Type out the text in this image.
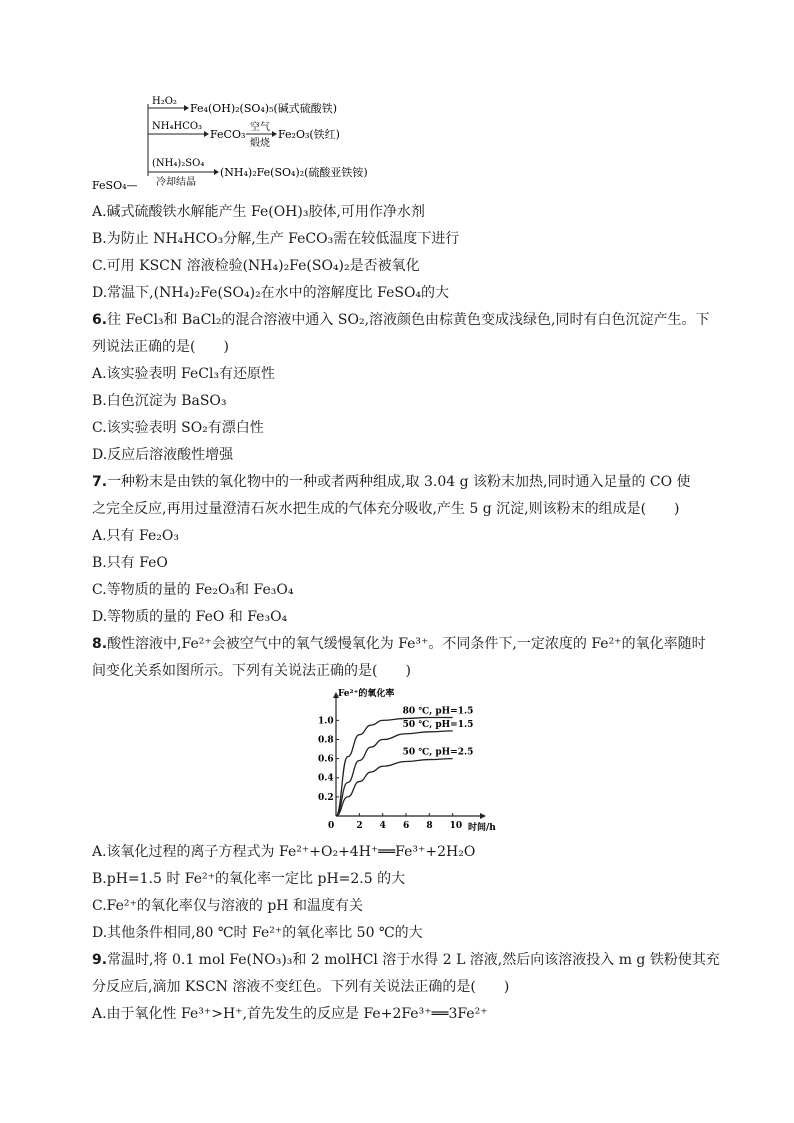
H₂O₂
Fe₄(OH)₂(SO₄)₅(碱式硫酸铁)
NH₄HCO₃
FeCO₃
空气
煅烧
Fe₂O₃(铁红)
(NH₄)₂SO₄
冷却结晶
(NH₄)₂Fe(SO₄)₂(硫酸亚铁铵)
FeSO₄—
A.碱式硫酸铁水解能产生 Fe(OH)₃胶体,可用作净水剂
B.为防止 NH₄HCO₃分解,生产 FeCO₃需在较低温度下进行
C.可用 KSCN 溶液检验(NH₄)₂Fe(SO₄)₂是否被氧化
D.常温下,(NH₄)₂Fe(SO₄)₂在水中的溶解度比 FeSO₄的大
6.往 FeCl₃和 BaCl₂的混合溶液中通入 SO₂,溶液颜色由棕黄色变成浅绿色,同时有白色沉淀产生。下
列说法正确的是(　　)
A.该实验表明 FeCl₃有还原性
B.白色沉淀为 BaSO₃
C.该实验表明 SO₂有漂白性
D.反应后溶液酸性增强
7.一种粉末是由铁的氧化物中的一种或者两种组成,取 3.04 g 该粉末加热,同时通入足量的 CO 使
之完全反应,再用过量澄清石灰水把生成的气体充分吸收,产生 5 g 沉淀,则该粉末的组成是(　　)
A.只有 Fe₂O₃
B.只有 FeO
C.等物质的量的 Fe₂O₃和 Fe₃O₄
D.等物质的量的 FeO 和 Fe₃O₄
8.酸性溶液中,Fe²⁺会被空气中的氧气缓慢氧化为 Fe³⁺。不同条件下,一定浓度的 Fe²⁺的氧化率随时
间变化关系如图所示。下列有关说法正确的是(　　)
Fe²⁺的氧化率
时间/h
0 2 4 6 8 10
0.2
0.4
0.6
0.8
1.0
80 ℃, pH=1.5
50 ℃, pH=1.5
50 ℃, pH=2.5
A.该氧化过程的离子方程式为 Fe²⁺+O₂+4H⁺══Fe³⁺+2H₂O
B.pH=1.5 时 Fe²⁺的氧化率一定比 pH=2.5 的大
C.Fe²⁺的氧化率仅与溶液的 pH 和温度有关
D.其他条件相同,80 ℃时 Fe²⁺的氧化率比 50 ℃的大
9.常温时,将 0.1 mol Fe(NO₃)₃和 2 molHCl 溶于水得 2 L 溶液,然后向该溶液投入 m g 铁粉使其充
分反应后,滴加 KSCN 溶液不变红色。下列有关说法正确的是(　　)
A.由于氧化性 Fe³⁺>H⁺,首先发生的反应是 Fe+2Fe³⁺══3Fe²⁺
